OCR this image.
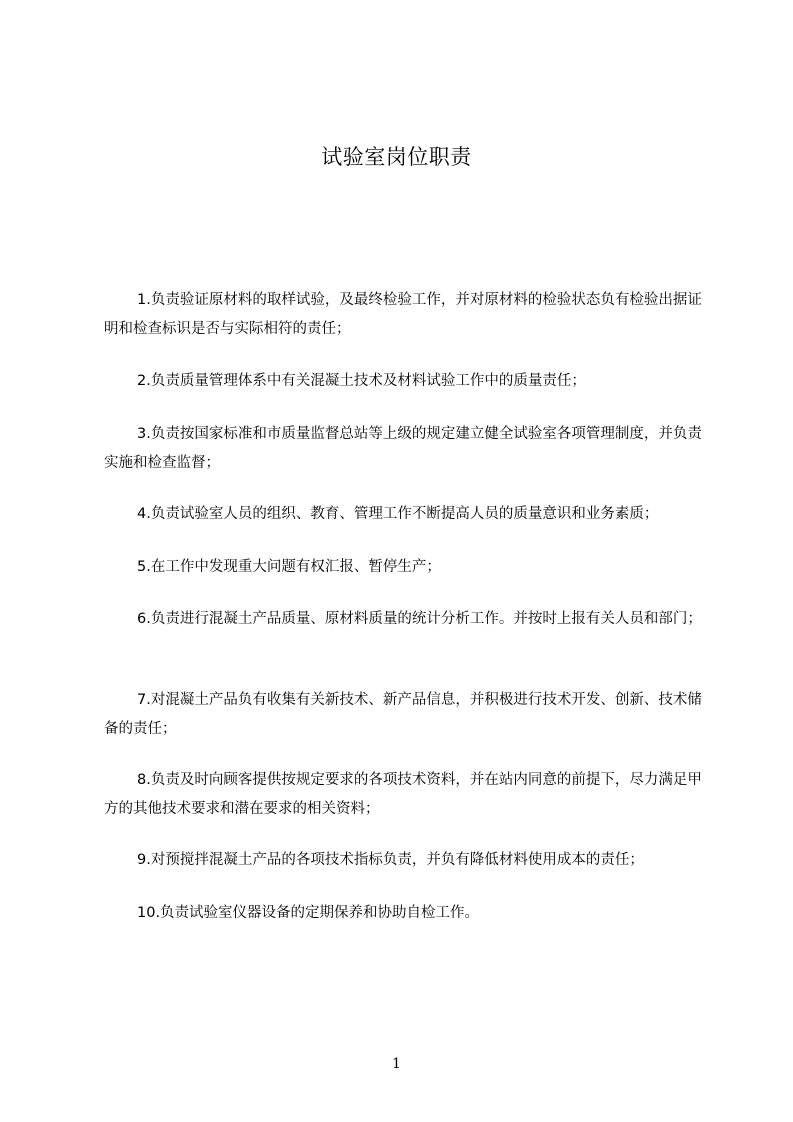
试验室岗位职责
1.负责验证原材料的取样试验，及最终检验工作，并对原材料的检验状态负有检验出据证明和检查标识是否与实际相符的责任；
2.负责质量管理体系中有关混凝土技术及材料试验工作中的质量责任；
3.负责按国家标准和市质量监督总站等上级的规定建立健全试验室各项管理制度，并负责实施和检查监督；
4.负责试验室人员的组织、教育、管理工作不断提高人员的质量意识和业务素质；
5.在工作中发现重大问题有权汇报、暂停生产；
6.负责进行混凝土产品质量、原材料质量的统计分析工作。并按时上报有关人员和部门；
7.对混凝土产品负有收集有关新技术、新产品信息，并积极进行技术开发、创新、技术储备的责任；
8.负责及时向顾客提供按规定要求的各项技术资料，并在站内同意的前提下，尽力满足甲方的其他技术要求和潜在要求的相关资料；
9.对预搅拌混凝土产品的各项技术指标负责，并负有降低材料使用成本的责任；
10.负责试验室仪器设备的定期保养和协助自检工作。
1
